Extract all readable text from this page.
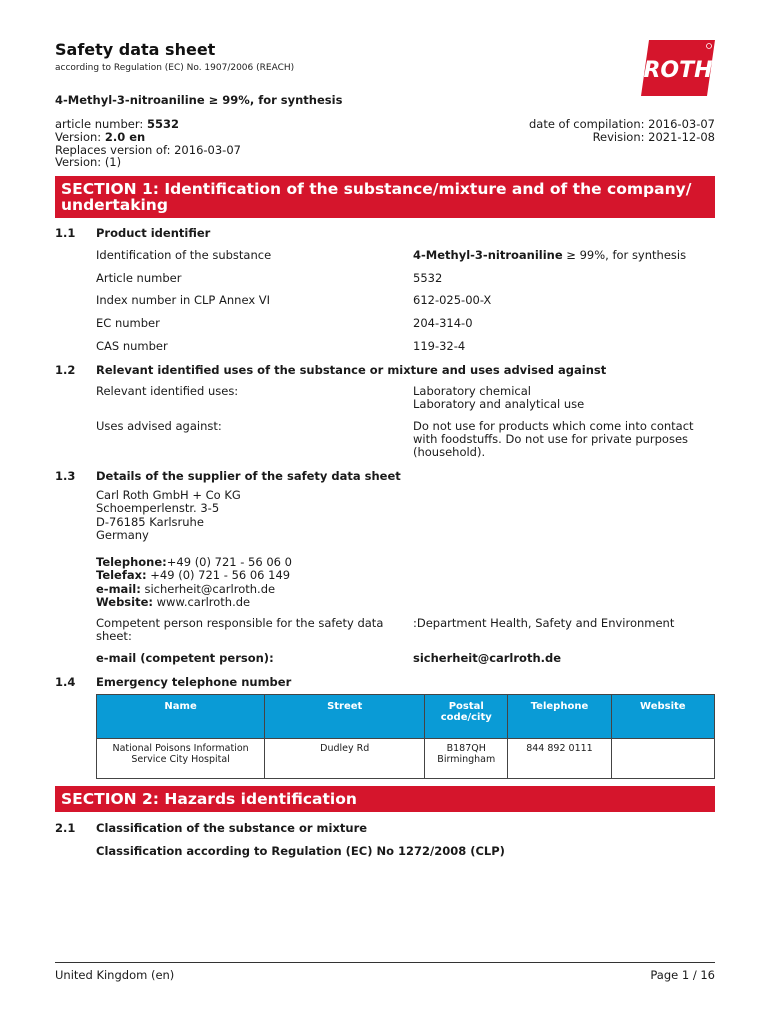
Safety data sheet
according to Regulation (EC) No. 1907/2006 (REACH)	ROTH
4-Methyl-3-nitroaniline ≥ 99%, for synthesis
article number: 5532
Version: 2.0 en
Replaces version of: 2016-03-07
Version: (1)
date of compilation: 2016-03-07
Revision: 2021-12-08
SECTION 1: Identification of the substance/mixture and of the company/ undertaking
1.1 Product identifier
Identification of the substance	4-Methyl-3-nitroaniline ≥ 99%, for synthesis
Article number	5532
Index number in CLP Annex VI	612-025-00-X
EC number	204-314-0
CAS number	119-32-4
1.2 Relevant identified uses of the substance or mixture and uses advised against
Relevant identified uses:	Laboratory chemical
Laboratory and analytical use
Uses advised against:	Do not use for products which come into contact with foodstuffs. Do not use for private purposes (household).
1.3 Details of the supplier of the safety data sheet
Carl Roth GmbH + Co KG
Schoemperlenstr. 3-5
D-76185 Karlsruhe
Germany
Telephone:+49 (0) 721 - 56 06 0
Telefax: +49 (0) 721 - 56 06 149
e-mail: sicherheit@carlroth.de
Website: www.carlroth.de
Competent person responsible for the safety data sheet:
:Department Health, Safety and Environment
e-mail (competent person):	sicherheit@carlroth.de
1.4 Emergency telephone number
Name	Street	Postal code/city	Telephone	Website
National Poisons Information Service City Hospital	Dudley Rd	B187QH Birmingham	844 892 0111	
SECTION 2: Hazards identification
2.1 Classification of the substance or mixture
Classification according to Regulation (EC) No 1272/2008 (CLP)
United Kingdom (en)	Page 1 / 16
